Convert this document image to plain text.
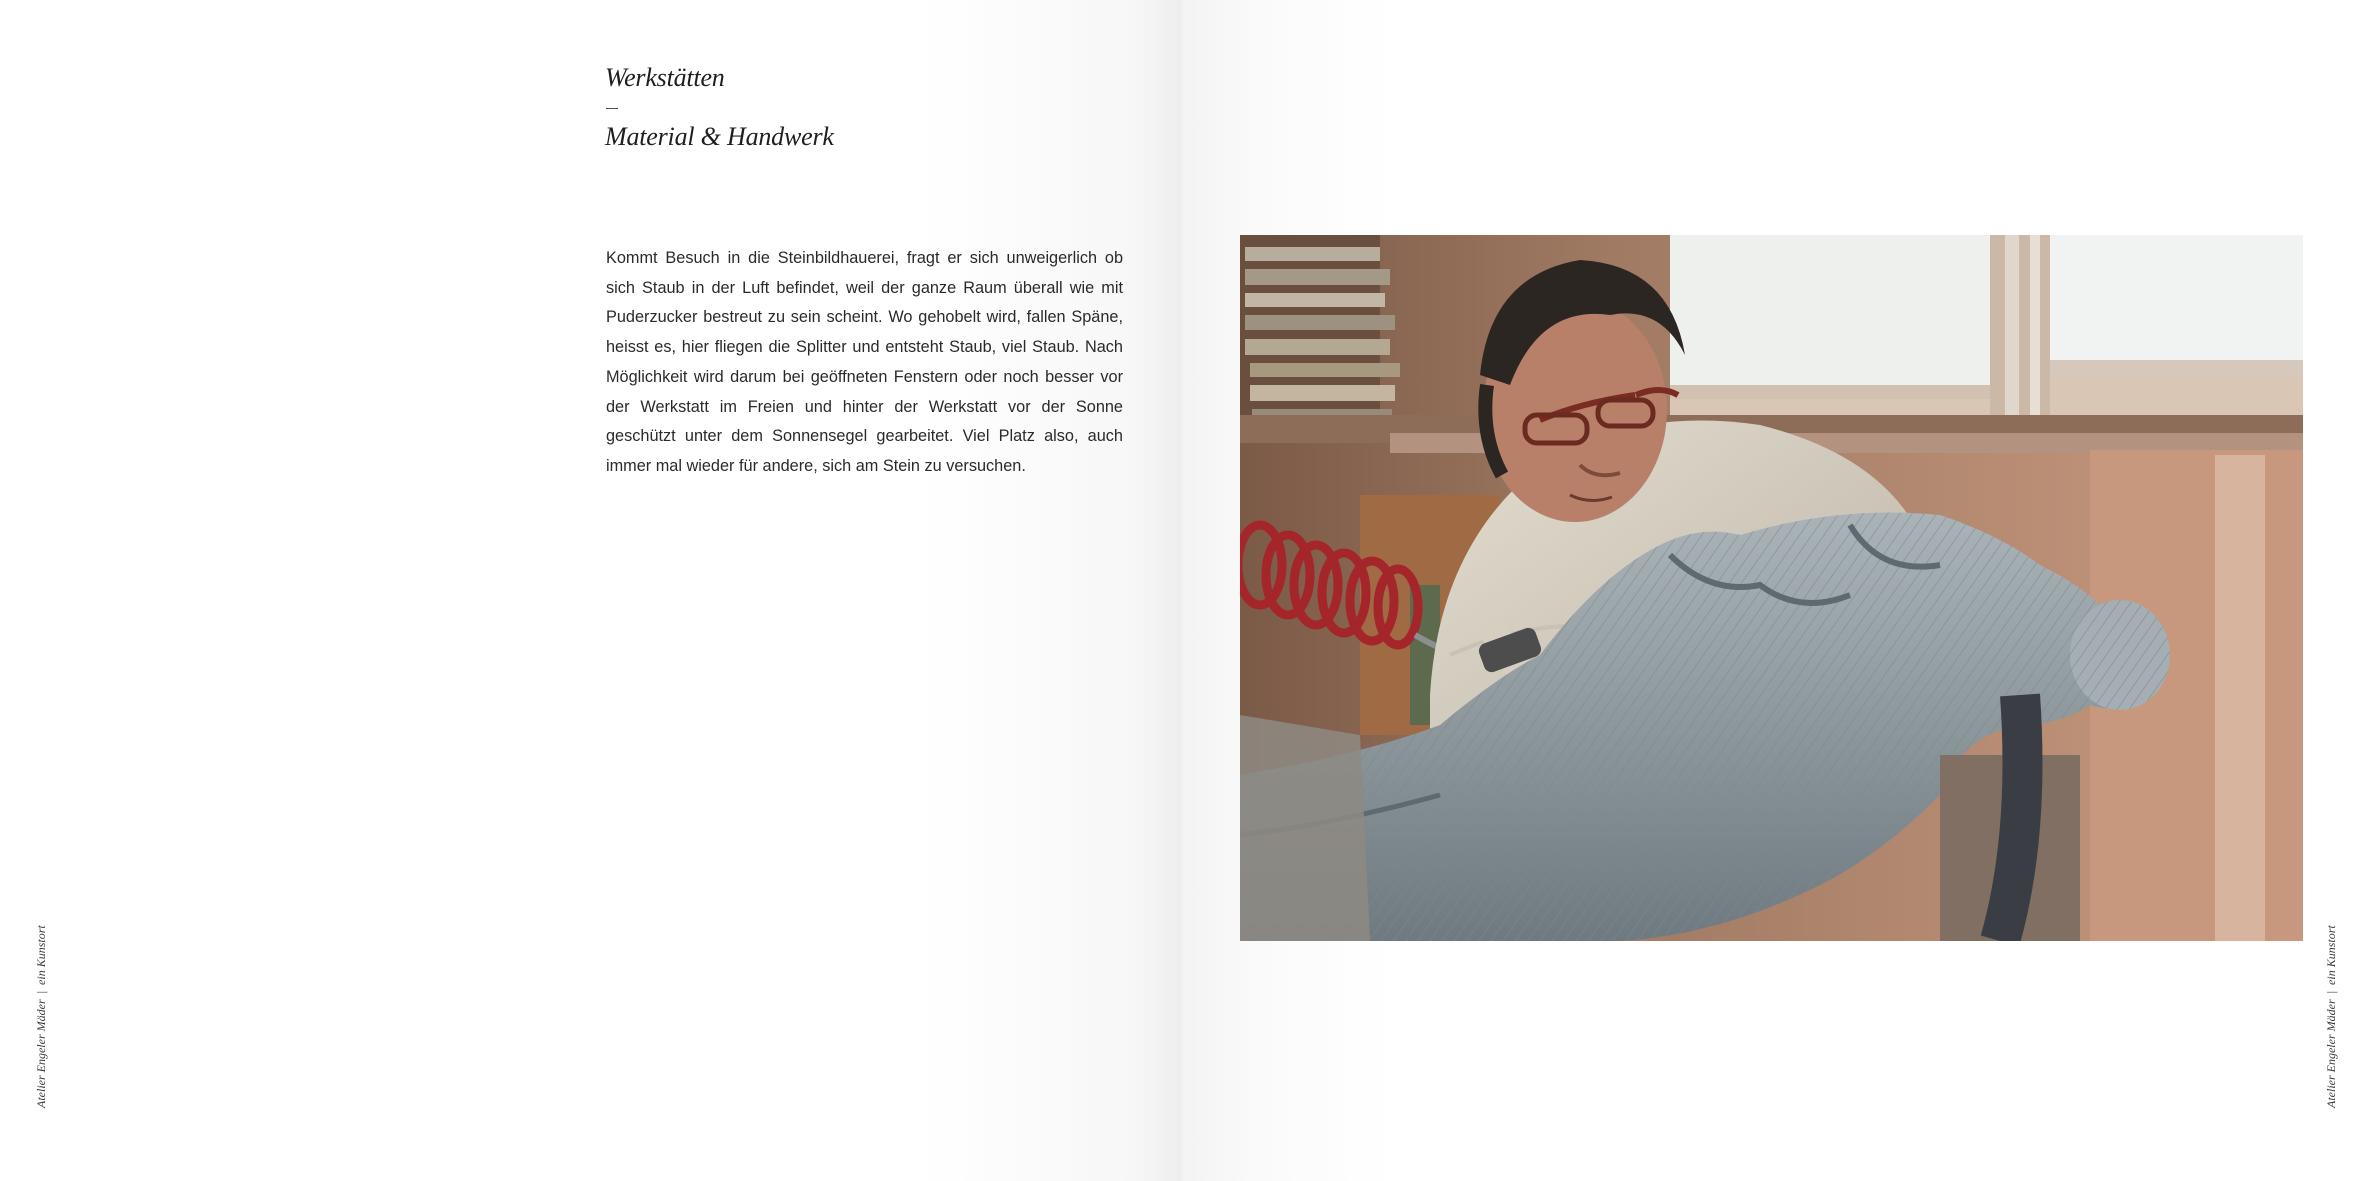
Werkstätten
Material & Handwerk

Kommt Besuch in die Steinbildhauerei, fragt er sich unweigerlich ob sich Staub in der Luft befindet, weil der ganze Raum überall wie mit Puderzucker bestreut zu sein scheint. Wo gehobelt wird, fallen Späne, heisst es, hier fliegen die Splitter und entsteht Staub, viel Staub. Nach Möglichkeit wird darum bei geöffneten Fenstern oder noch besser vor der Werkstatt im Freien und hinter der Werkstatt vor der Sonne geschützt unter dem Sonnensegel gearbeitet. Viel Platz also, auch immer mal wieder für andere, sich am Stein zu versuchen.

Atelier Engeler Mäder|ein Kunstort
Atelier Engeler Mäder|ein Kunstort
